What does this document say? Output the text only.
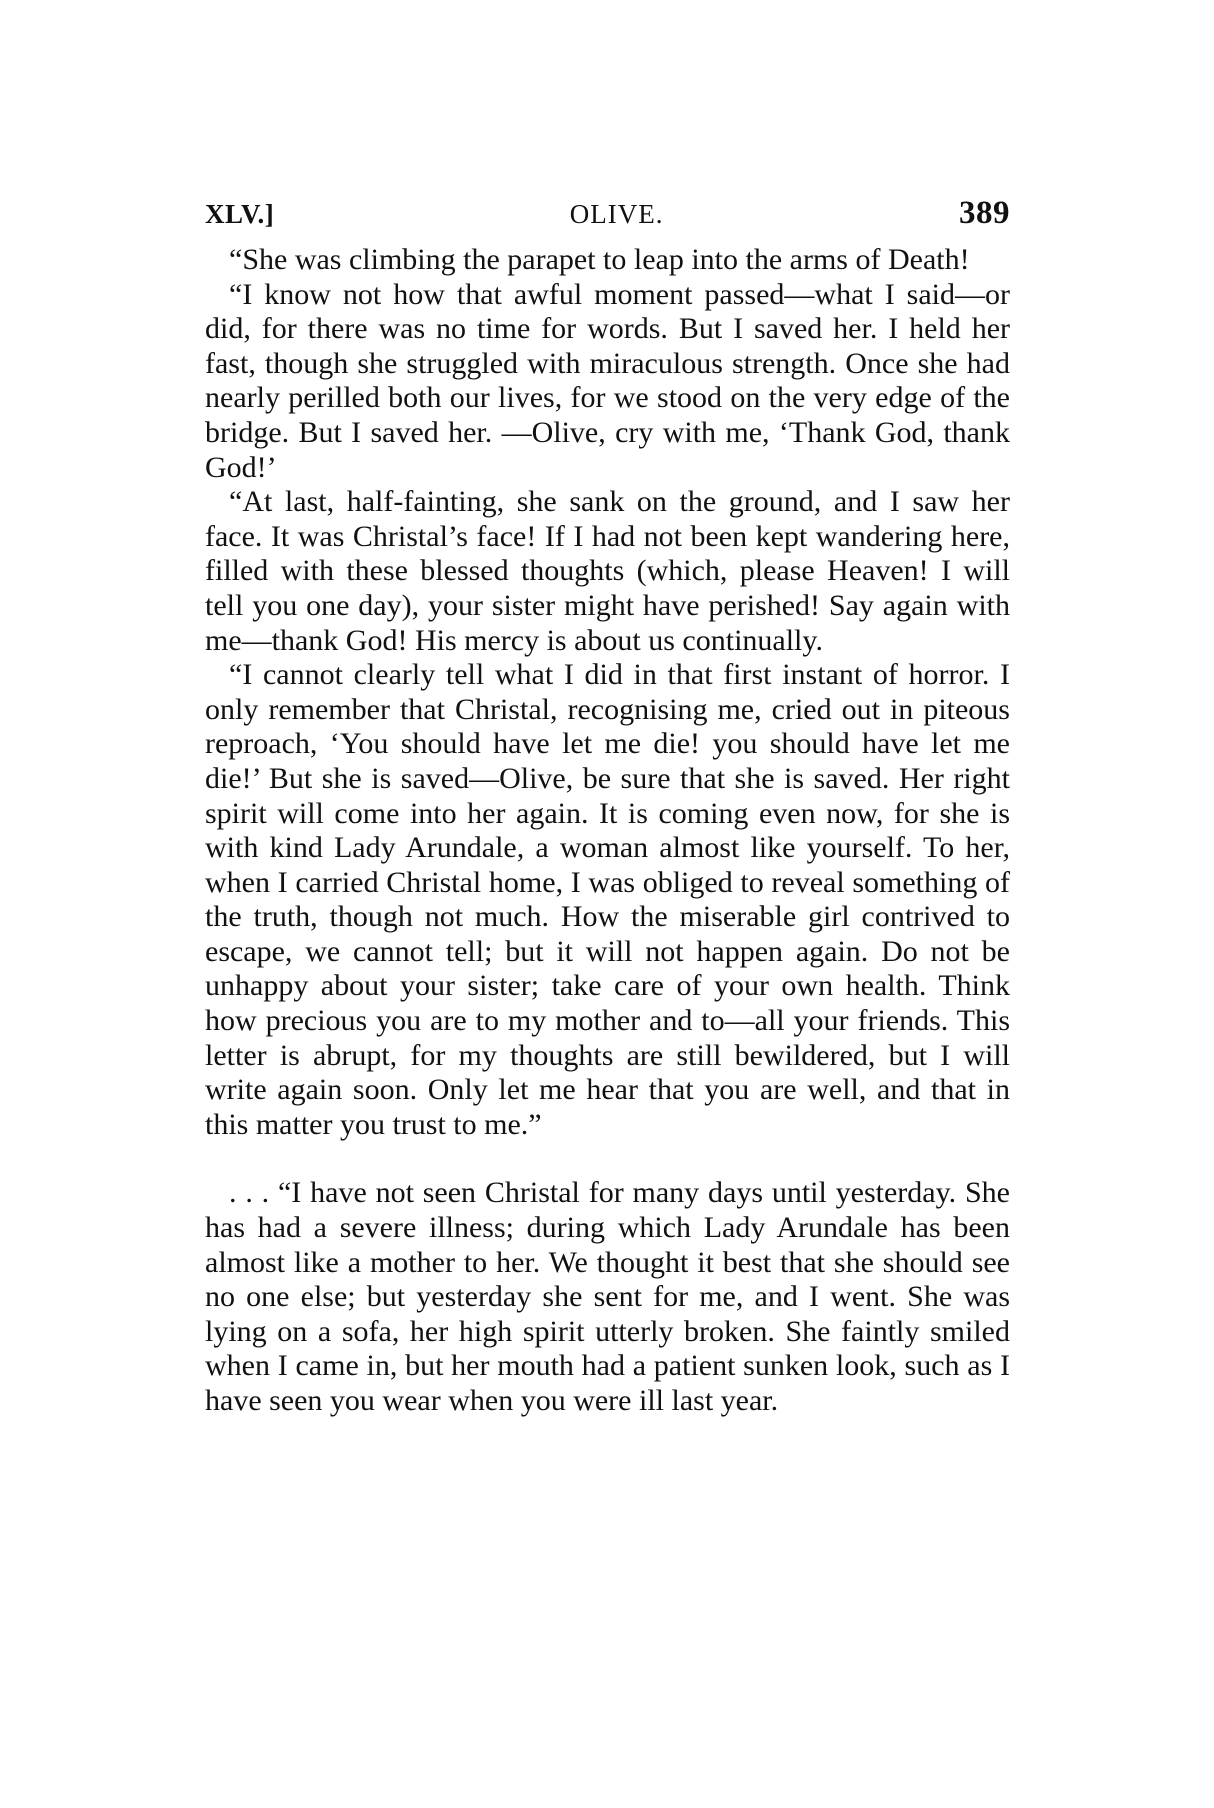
XLV.]	OLIVE.	389

“She was climbing the parapet to leap into the arms of Death!

“I know not how that awful moment passed—what I said—or did, for there was no time for words. But I saved her. I held her fast, though she struggled with miraculous strength. Once she had nearly perilled both our lives, for we stood on the very edge of the bridge. But I saved her. —Olive, cry with me, ‘Thank God, thank God!’

“At last, half-fainting, she sank on the ground, and I saw her face. It was Christal’s face! If I had not been kept wandering here, filled with these blessed thoughts (which, please Heaven! I will tell you one day), your sister might have perished! Say again with me—thank God! His mercy is about us continually.

“I cannot clearly tell what I did in that first instant of horror. I only remember that Christal, recognising me, cried out in piteous reproach, ‘You should have let me die! you should have let me die!’ But she is saved—Olive, be sure that she is saved. Her right spirit will come into her again. It is coming even now, for she is with kind Lady Arundale, a woman almost like yourself. To her, when I carried Christal home, I was obliged to reveal something of the truth, though not much. How the miserable girl contrived to escape, we cannot tell; but it will not happen again. Do not be unhappy about your sister; take care of your own health. Think how precious you are to my mother and to—all your friends. This letter is abrupt, for my thoughts are still bewildered, but I will write again soon. Only let me hear that you are well, and that in this matter you trust to me.”

. . . “I have not seen Christal for many days until yesterday. She has had a severe illness; during which Lady Arundale has been almost like a mother to her. We thought it best that she should see no one else; but yesterday she sent for me, and I went. She was lying on a sofa, her high spirit utterly broken. She faintly smiled when I came in, but her mouth had a patient sunken look, such as I have seen you wear when you were ill last year.
